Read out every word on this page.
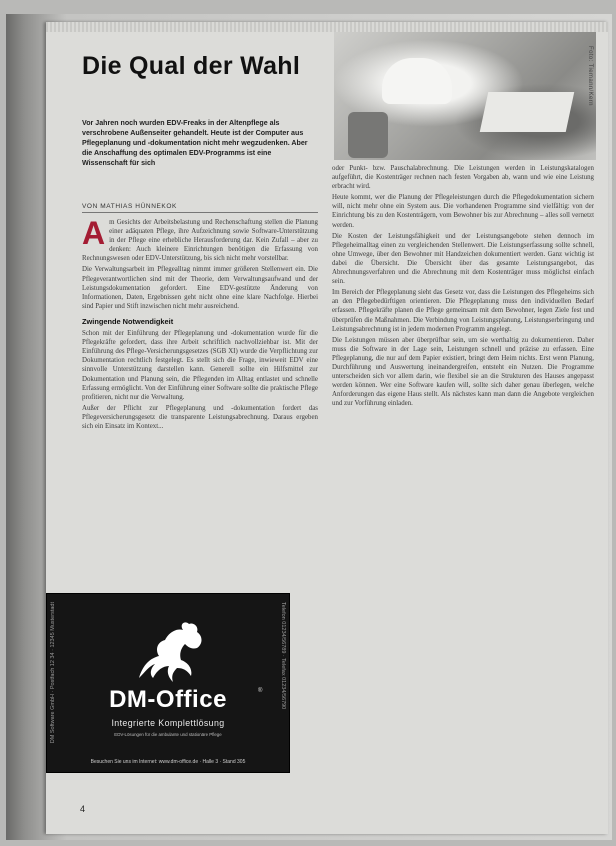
Die Qual der Wahl	Foto: Tiemann/Kern

Vor Jahren noch wurden EDV-Freaks in der Altenpflege als verschrobene Außenseiter gehandelt. Heute ist der Computer aus Pflegeplanung und -dokumentation nicht mehr wegzudenken. Aber die Anschaffung des optimalen EDV-Programms ist eine Wissenschaft für sich

VON MATHIAS HÜNNEKOK

A m Gesichts der Arbeitsbelastung und Rechenschaftung stellen die Planung einer adäquaten Pflege, ihre Aufzeichnung sowie Software-Unterstützung in der Pflege eine erhebliche Herausforderung dar. Kein Zufall – aber zu denken: Auch kleinere Einrichtungen benötigen die Erfassung von Rechnungswesen oder EDV-Unterstützung, bis sich nicht mehr vorstellbar.

Die Verwaltungsarbeit im Pflegealltag nimmt immer größeren Stellenwert ein. Die Pflegeverantwortlichen sind mit der Theorie, dem Verwaltungsaufwand und der Leistungsdokumentation gefordert. Eine EDV-gestützte Änderung von Informationen, Daten, Ergebnissen geht nicht ohne eine klare Nachfolge. Hierbei sind Papier und Stift inzwischen nicht mehr ausreichend.

Zwingende Notwendigkeit

Schon mit der Einführung der Pflegeplanung und -dokumentation wurde für die Pflegekräfte gefordert, dass ihre Arbeit schriftlich nachvollziehbar ist. Mit der Einführung des Pflege-Versicherungsgesetzes (SGB XI) wurde die Verpflichtung zur Dokumentation rechtlich festgelegt. Es stellt sich die Frage, inwieweit EDV eine sinnvolle Unterstützung darstellen kann. Generell sollte ein Hilfsmittel zur Dokumentation und Planung sein, die Pflegenden im Alltag entlastet und schnelle Erfassung ermöglicht. Von der Einführung einer Software sollte die praktische Pflege profitieren, nicht nur die Verwaltung.

Außer der Pflicht zur Pflegeplanung und -dokumentation fordert das Pflegeversicherungsgesetz die transparente Leistungsabrechnung. Daraus ergeben sich ein Einsatz im Kontext...

oder Punkt- bzw. Pauschalabrechnung. Die Leistungen werden in Leistungskatalogen aufgeführt, die Kostenträger rechnen nach festen Vorgaben ab, wann und wie eine Leistung erbracht wird.

Heute kommt, wer die Planung der Pflegeleistungen durch die Pflegedokumentation sichern will, nicht mehr ohne ein System aus. Die vorhandenen Programme sind vielfältig: von der Einrichtung bis zu den Kostenträgern, vom Bewohner bis zur Abrechnung – alles soll vernetzt werden.

Die Kosten der Leistungsfähigkeit und der Leistungsangebote stehen dennoch im Pflegeheimalltag einen zu vergleichenden Stellenwert. Die Leistungserfassung sollte schnell, ohne Umwege, über den Bewohner mit Handzeichen dokumentiert werden. Ganz wichtig ist dabei die Übersicht. Die Übersicht über das gesamte Leistungsangebot, das Abrechnungsverfahren und die Abrechnung mit dem Kostenträger muss möglichst einfach sein.

Im Bereich der Pflegeplanung sieht das Gesetz vor, dass die Leistungen des Pflegeheims sich an den Pflegebedürftigen orientieren. Die Pflegeplanung muss den individuellen Bedarf erfassen. Pflegekräfte planen die Pflege gemeinsam mit dem Bewohner, legen Ziele fest und überprüfen die Maßnahmen. Die Verbindung von Leistungsplanung, Leistungserbringung und Leistungsabrechnung ist in jedem modernen Programm angelegt.

Die Leistungen müssen aber überprüfbar sein, um sie werthaltig zu dokumentieren. Daher muss die Software in der Lage sein, Leistungen schnell und präzise zu erfassen. Eine Pflegeplanung, die nur auf dem Papier existiert, bringt dem Heim nichts. Erst wenn Planung, Durchführung und Auswertung ineinandergreifen, entsteht ein Nutzen. Die Programme unterscheiden sich vor allem darin, wie flexibel sie an die Strukturen des Hauses angepasst werden können. Wer eine Software kaufen will, sollte sich daher genau überlegen, welche Anforderungen das eigene Haus stellt. Als nächstes kann man dann die Angebote vergleichen und zur Vorführung einladen.

4
DM Software GmbH · Postfach 12 34 · 12345 Musterstadt	Telefon 01234/56789 · Telefax 01234/56790
DM-Office	®
Integrierte Komplettlösung
EDV-Lösungen für die ambulante und stationäre Pflege
Besuchen Sie uns im Internet: www.dm-office.de · Halle 3 · Stand 305
